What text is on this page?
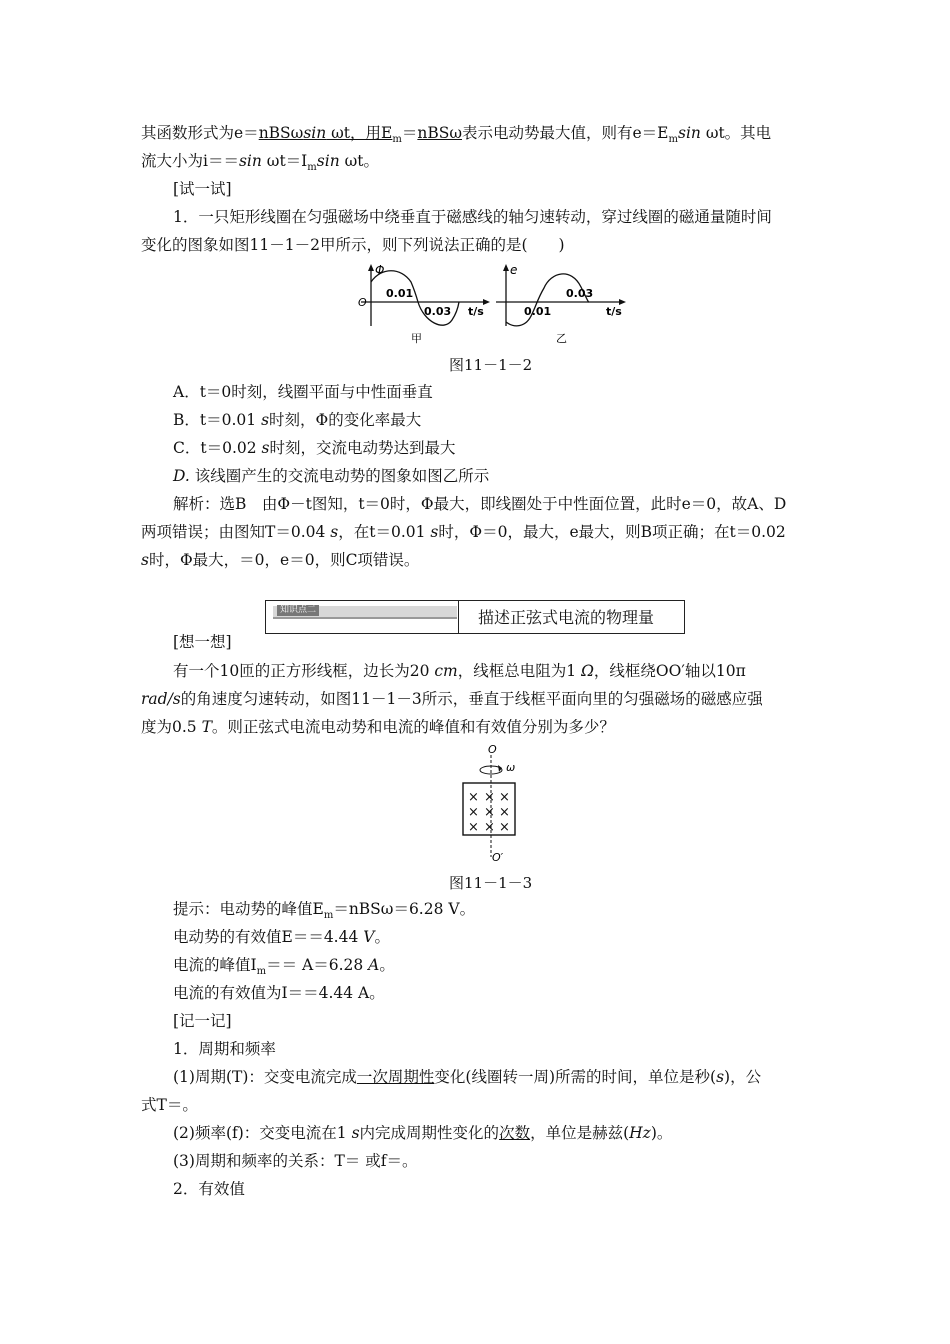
其函数形式为e＝nBSωsin ωt，用$E_m=nBS\omega$表示电动势最大值，则有$e=E_m\sin$ ωt。其电
流大小为i＝＝sin $\omega t=I_m\sin$ ωt。
[试一试]
1．一只矩形线圈在匀强磁场中绕垂直于磁感线的轴匀速转动，穿过线圈的磁通量随时间
变化的图象如图11－1－2甲所示，则下列说法正确的是(　　)
Φ
O
0.01
0.03 t/s
甲
e
0.03
0.01	t/s
乙
图11－1－2
A．t＝0时刻，线圈平面与中性面垂直
B．t＝0.01 s时刻，Φ的变化率最大
C．t＝0.02 s时刻，交流电动势达到最大
D. 该线圈产生的交流电动势的图象如图乙所示
解析：选B　由Φ－t图知，t＝0时，Φ最大，即线圈处于中性面位置，此时e＝0，故A、D
两项错误；由图知T＝0.04 s，在t＝0.01 s时，Φ＝0，最大，e最大，则B项正确；在t＝0.02
s时，Φ最大，＝0，e＝0，则C项错误。
知识点二	描述正弦式电流的物理量
[想一想]
有一个10匝的正方形线框，边长为20 cm，线框总电阻为1 Ω，线框绕OO′轴以10π
rad/s的角速度匀速转动，如图11－1－3所示，垂直于线框平面向里的匀强磁场的磁感应强
度为0.5 T。则正弦式电流电动势和电流的峰值和有效值分别为多少？
O
ω
O′
× × ×
× × ×
× × ×
图11－1－3
提示：电动势的峰值$E_m=nBS\omega=6.28$ V。
电动势的有效值E＝＝4.44 V。
电流的峰值$I_m== A=6.28$ A。
电流的有效值为I＝＝4.44 A。
[记一记]
1．周期和频率
(1)周期(T)：交变电流完成一次周期性变化(线圈转一周)所需的时间，单位是秒(s)，公
式T＝。
(2)频率(f)：交变电流在1 s内完成周期性变化的次数，单位是赫兹(Hz)。
(3)周期和频率的关系：T＝ 或f＝。
2．有效值
